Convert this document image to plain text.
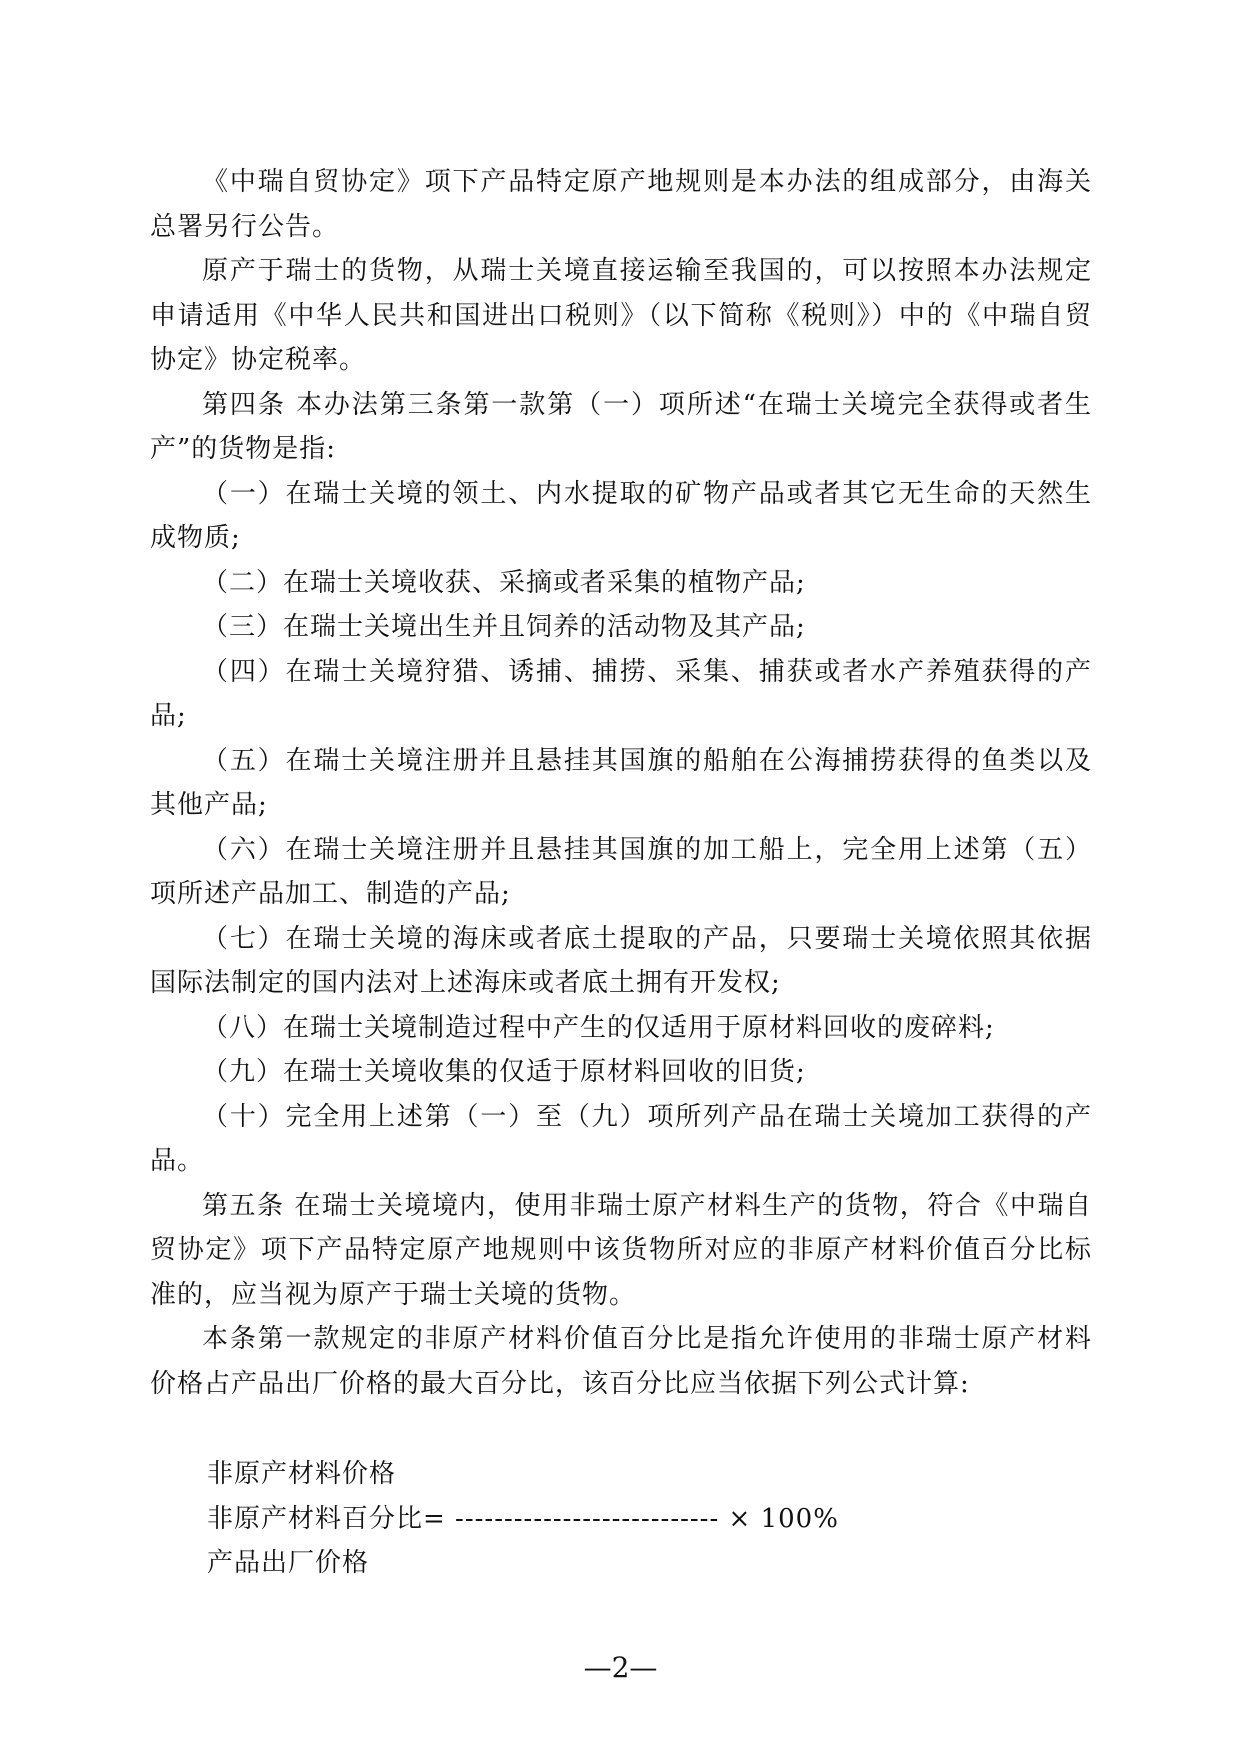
《中瑞自贸协定》项下产品特定原产地规则是本办法的组成部分，由海关总署另行公告。

原产于瑞士的货物，从瑞士关境直接运输至我国的，可以按照本办法规定申请适用《中华人民共和国进出口税则》（以下简称《税则》）中的《中瑞自贸协定》协定税率。

第四条 本办法第三条第一款第（一）项所述“在瑞士关境完全获得或者生产”的货物是指:

（一）在瑞士关境的领土、内水提取的矿物产品或者其它无生命的天然生成物质;

（二）在瑞士关境收获、采摘或者采集的植物产品;

（三）在瑞士关境出生并且饲养的活动物及其产品;

（四）在瑞士关境狩猎、诱捕、捕捞、采集、捕获或者水产养殖获得的产品;

（五）在瑞士关境注册并且悬挂其国旗的船舶在公海捕捞获得的鱼类以及其他产品;

（六）在瑞士关境注册并且悬挂其国旗的加工船上，完全用上述第（五）项所述产品加工、制造的产品;

（七）在瑞士关境的海床或者底土提取的产品，只要瑞士关境依照其依据国际法制定的国内法对上述海床或者底土拥有开发权;

（八）在瑞士关境制造过程中产生的仅适用于原材料回收的废碎料;

（九）在瑞士关境收集的仅适于原材料回收的旧货;

（十）完全用上述第（一）至（九）项所列产品在瑞士关境加工获得的产品。

第五条 在瑞士关境境内，使用非瑞士原产材料生产的货物，符合《中瑞自贸协定》项下产品特定原产地规则中该货物所对应的非原产材料价值百分比标准的，应当视为原产于瑞士关境的货物。

本条第一款规定的非原产材料价值百分比是指允许使用的非瑞士原产材料价格占产品出厂价格的最大百分比，该百分比应当依据下列公式计算:

非原产材料价格

非原产材料百分比= --------------------------- × 100%

产品出厂价格

—2—
